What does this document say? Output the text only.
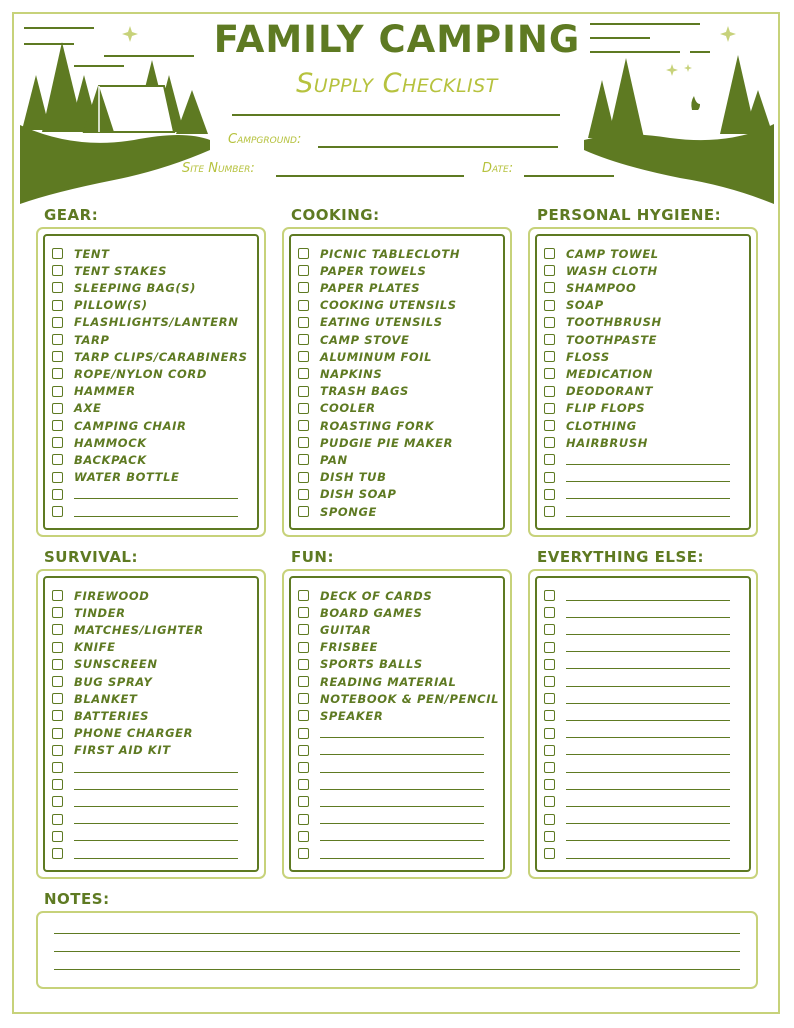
FAMILY CAMPING
Supply Checklist
Campground:
Site Number:	Date:
GEAR:	COOKING:	PERSONAL HYGIENE:
SURVIVAL:	FUN:	EVERYTHING ELSE:
TENT
TENT STAKES
SLEEPING BAG(S)
PILLOW(S)
FLASHLIGHTS/LANTERN
TARP
TARP CLIPS/CARABINERS
ROPE/NYLON CORD
HAMMER
AXE
CAMPING CHAIR
HAMMOCK
BACKPACK
WATER BOTTLE
PICNIC TABLECLOTH
PAPER TOWELS
PAPER PLATES
COOKING UTENSILS
EATING UTENSILS
CAMP STOVE
ALUMINUM FOIL
NAPKINS
TRASH BAGS
COOLER
ROASTING FORK
PUDGIE PIE MAKER
PAN
DISH TUB
DISH SOAP
SPONGE
CAMP TOWEL
WASH CLOTH
SHAMPOO
SOAP
TOOTHBRUSH
TOOTHPASTE
FLOSS
MEDICATION
DEODORANT
FLIP FLOPS
CLOTHING
HAIRBRUSH
FIREWOOD
TINDER
MATCHES/LIGHTER
KNIFE
SUNSCREEN
BUG SPRAY
BLANKET
BATTERIES
PHONE CHARGER
FIRST AID KIT
DECK OF CARDS
BOARD GAMES
GUITAR
FRISBEE
SPORTS BALLS
READING MATERIAL
NOTEBOOK & PEN/PENCIL
SPEAKER
NOTES:
